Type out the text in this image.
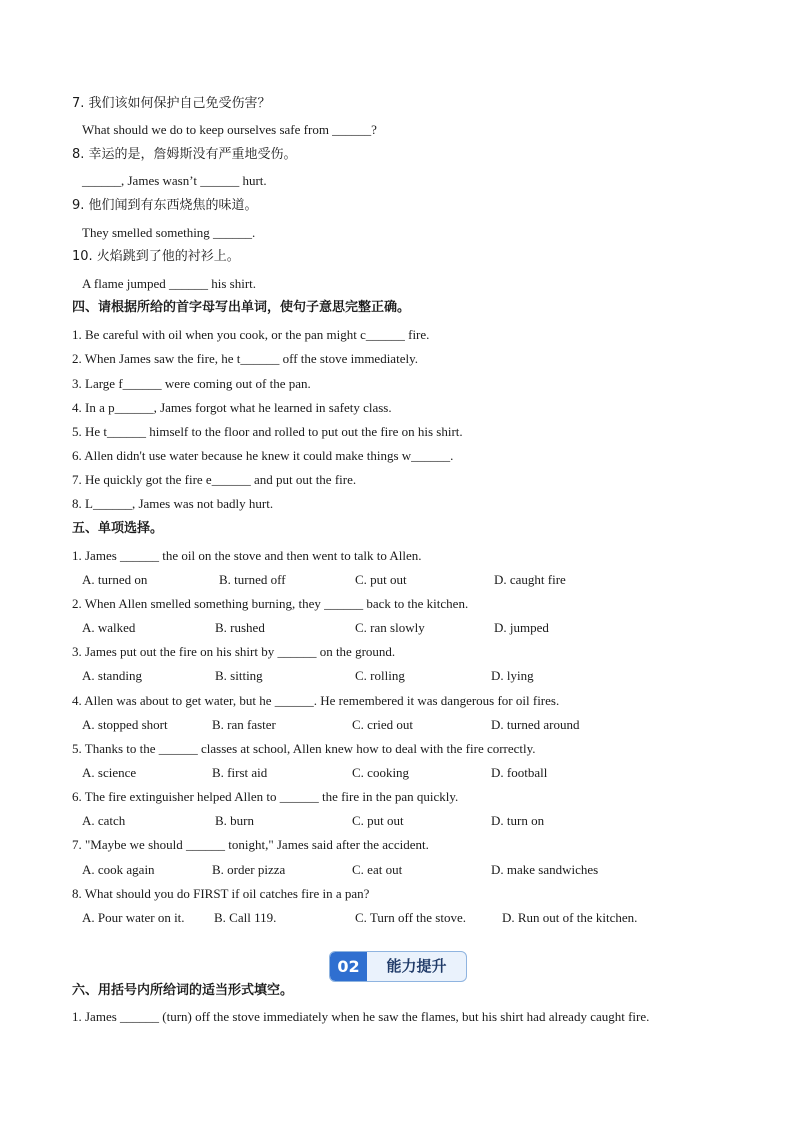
7. 我们该如何保护自己免受伤害？
What should we do to keep ourselves safe from ______?
8. 幸运的是，詹姆斯没有严重地受伤。
______, James wasn’t ______ hurt.
9. 他们闻到有东西烧焦的味道。
They smelled something ______.
10. 火焰跳到了他的衬衫上。
A flame jumped ______ his shirt.
四、请根据所给的首字母写出单词，使句子意思完整正确。
1. Be careful with oil when you cook, or the pan might c______ fire.
2. When James saw the fire, he t______ off the stove immediately.
3. Large f______ were coming out of the pan.
4. In a p______, James forgot what he learned in safety class.
5. He t______ himself to the floor and rolled to put out the fire on his shirt.
6. Allen didn't use water because he knew it could make things w______.
7. He quickly got the fire e______ and put out the fire.
8. L______, James was not badly hurt.
五、单项选择。
1. James ______ the oil on the stove and then went to talk to Allen.
A. turned on	B. turned off	C. put out	D. caught fire
2. When Allen smelled something burning, they ______ back to the kitchen.
A. walked	B. rushed	C. ran slowly	D. jumped
3. James put out the fire on his shirt by ______ on the ground.
A. standing	B. sitting	C. rolling	D. lying
4. Allen was about to get water, but he ______. He remembered it was dangerous for oil fires.
A. stopped short	B. ran faster	C. cried out	D. turned around
5. Thanks to the ______ classes at school, Allen knew how to deal with the fire correctly.
A. science	B. first aid	C. cooking	D. football
6. The fire extinguisher helped Allen to ______ the fire in the pan quickly.
A. catch	B. burn	C. put out	D. turn on
7. "Maybe we should ______ tonight," James said after the accident.
A. cook again	B. order pizza	C. eat out	D. make sandwiches
8. What should you do FIRST if oil catches fire in a pan?
A. Pour water on it. B. Call 119.	C. Turn off the stove.	D. Run out of the kitchen.
02	能力提升
六、用括号内所给词的适当形式填空。
1. James ______ (turn) off the stove immediately when he saw the flames, but his shirt had already caught fire.
